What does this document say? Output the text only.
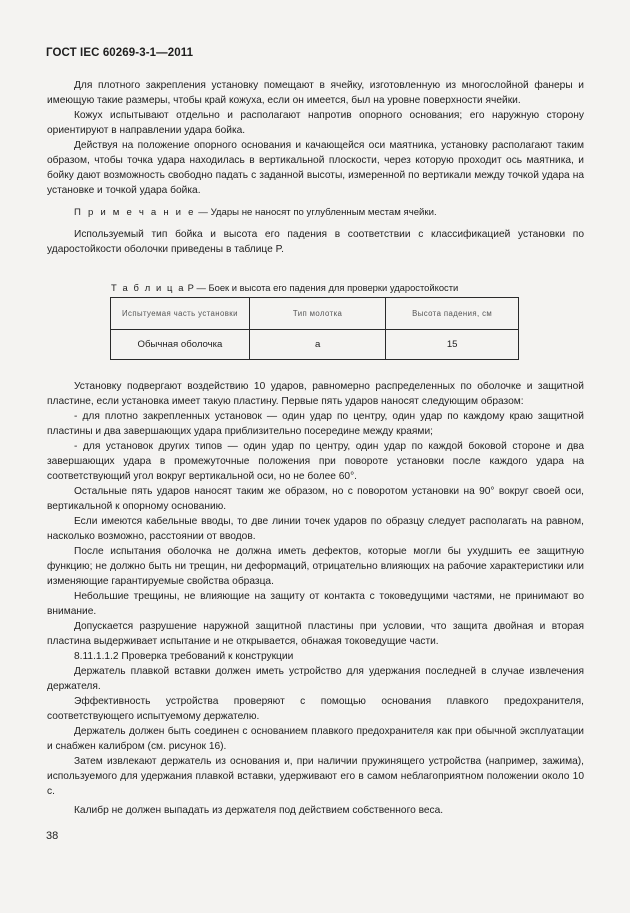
ГОСТ IEC 60269-3-1—2011

Для плотного закрепления установку помещают в ячейку, изготовленную из многослойной фанеры и имеющую такие размеры, чтобы край кожуха, если он имеется, был на уровне поверхности ячейки.

Кожух испытывают отдельно и располагают напротив опорного основания; его наружную сторону ориентируют в направлении удара бойка.

Действуя на положение опорного основания и качающейся оси маятника, установку располагают таким образом, чтобы точка удара находилась в вертикальной плоскости, через которую проходит ось маятника, и бойку дают возможность свободно падать с заданной высоты, измеренной по вертикали между точкой удара на установке и точкой удара бойка.

П р и м е ч а н и е — Удары не наносят по углубленным местам ячейки.

Используемый тип бойка и высота его падения в соответствии с классификацией установки по ударостойкости оболочки приведены в таблице P.

Т а б л и ц а Р — Боек и высота его падения для проверки ударостойкости
Испытуемая часть установки	Тип молотка	Высота падения, см
Обычная оболочка	а	15

Установку подвергают воздействию 10 ударов, равномерно распределенных по оболочке и защитной пластине, если установка имеет такую пластину. Первые пять ударов наносят следующим образом:

- для плотно закрепленных установок — один удар по центру, один удар по каждому краю защитной пластины и два завершающих удара приблизительно посередине между краями;

- для установок других типов — один удар по центру, один удар по каждой боковой стороне и два завершающих удара в промежуточные положения при повороте установки после каждого удара на соответствующий угол вокруг вертикальной оси, но не более 60°.

Остальные пять ударов наносят таким же образом, но с поворотом установки на 90° вокруг своей оси, вертикальной к опорному основанию.

Если имеются кабельные вводы, то две линии точек ударов по образцу следует располагать на равном, насколько возможно, расстоянии от вводов.

После испытания оболочка не должна иметь дефектов, которые могли бы ухудшить ее защитную функцию; не должно быть ни трещин, ни деформаций, отрицательно влияющих на рабочие характеристики или изменяющие гарантируемые свойства образца.

Небольшие трещины, не влияющие на защиту от контакта с токоведущими частями, не принимают во внимание.

Допускается разрушение наружной защитной пластины при условии, что защита двойная и вторая пластина выдерживает испытание и не открывается, обнажая токоведущие части.

8.11.1.1.2 Проверка требований к конструкции

Держатель плавкой вставки должен иметь устройство для удержания последней в случае извлечения держателя.

Эффективность устройства проверяют с помощью основания плавкого предохранителя, соответствующего испытуемому держателю.

Держатель должен быть соединен с основанием плавкого предохранителя как при обычной эксплуатации и снабжен калибром (см. рисунок 16).

Затем извлекают держатель из основания и, при наличии пружинящего устройства (например, зажима), используемого для удержания плавкой вставки, удерживают его в самом неблагоприятном положении около 10 с.

Калибр не должен выпадать из держателя под действием собственного веса.

38
